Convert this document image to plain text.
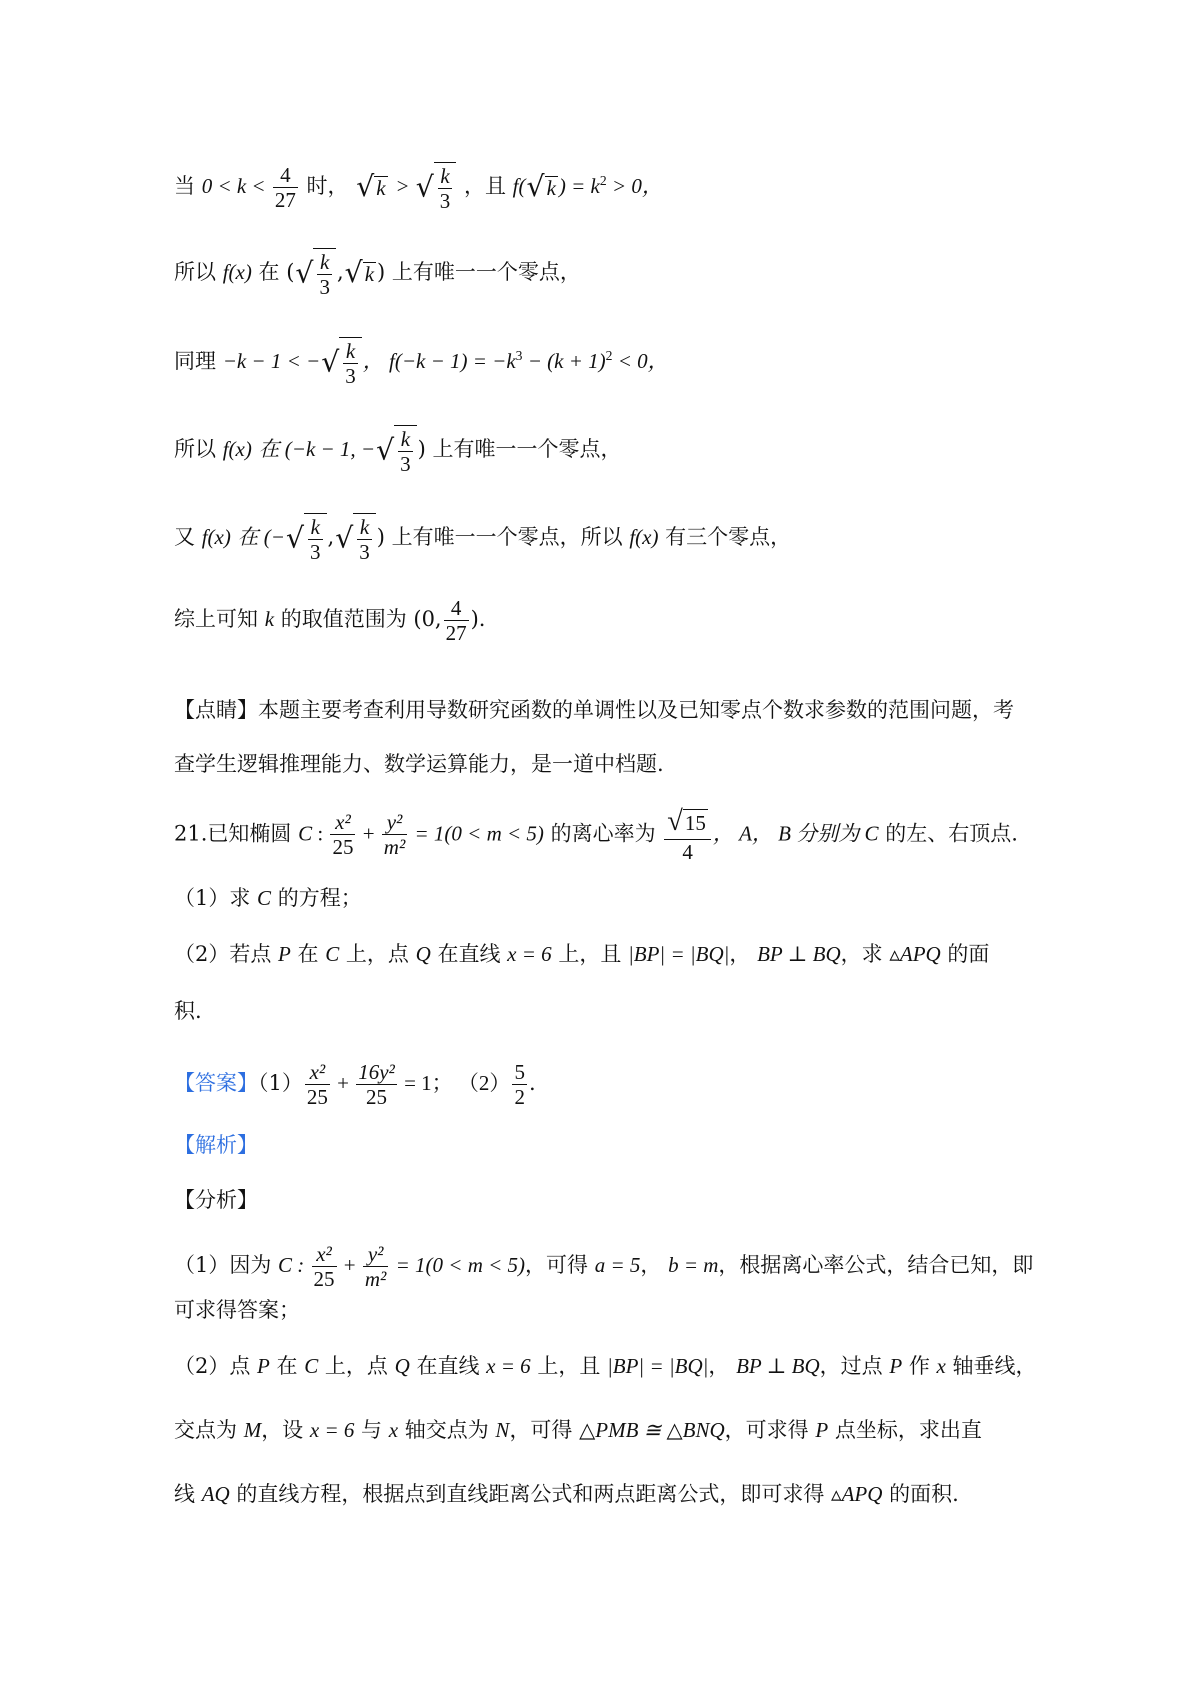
当 $0 < k < \frac{4}{27}$ 时， √k > √ $\frac{k}{3}$ ，且 f(√k ) = $k^2 > 0$，
所以 f(x) 在 (√ $\frac{k}{3} ,√k$ ) 上有唯一一个零点，
同理 −k − 1 < −√ $\frac{k}{3}$ ， $f(-k - 1) = -k^3 - (k + 1)^2 < 0$，
所以 f(x) 在 (−k − 1, −√ $\frac{k}{3}$ ) 上有唯一一个零点，
又 f(x) 在 (−√ $\frac{k}{3}$ ,√ $\frac{k}{3}$ ) 上有唯一一个零点，所以 f(x) 有三个零点，
综上可知 k 的取值范围为 (0, $\frac{4}{27}$ ).
【点睛】本题主要考查利用导数研究函数的单调性以及已知零点个数求参数的范围问题，考
查学生逻辑推理能力、数学运算能力，是一道中档题.
21.已知椭圆 C : $\frac{\text{x²}}{25} + \frac{\text{y²}}{\text{m²}} = 1(0 < m < 5)$ 的离心率为 $\frac{√15}{4}$ ， A， B 分别为 C 的左、右顶点.
（1）求 C 的方程；
（2）若点 P 在 C 上，点 Q 在直线 x = 6 上，且 |BP| = |BQ|， BP ⊥ BQ，求 ▵APQ 的面
积.
【答案】$(1) \frac{\text{x²}}{25} + \frac{\text{16y²}}{25} = 1$； $(2) \frac{5}{2}$ .
【解析】
【分析】
（1）因为 C : $\frac{\text{x²}}{25} + \frac{\text{y²}}{\text{m²}} = 1(0 < m < 5)$，可得 a = 5， b = m，根据离心率公式，结合已知，即
可求得答案；
（2）点 P 在 C 上，点 Q 在直线 x = 6 上，且 |BP| = |BQ|， BP ⊥ BQ，过点 P 作 x 轴垂线，
交点为 M，设 x = 6 与 x 轴交点为 N，可得 △PMB ≅ △BNQ，可求得 P 点坐标，求出直
线 AQ 的直线方程，根据点到直线距离公式和两点距离公式，即可求得 ▵APQ 的面积.
